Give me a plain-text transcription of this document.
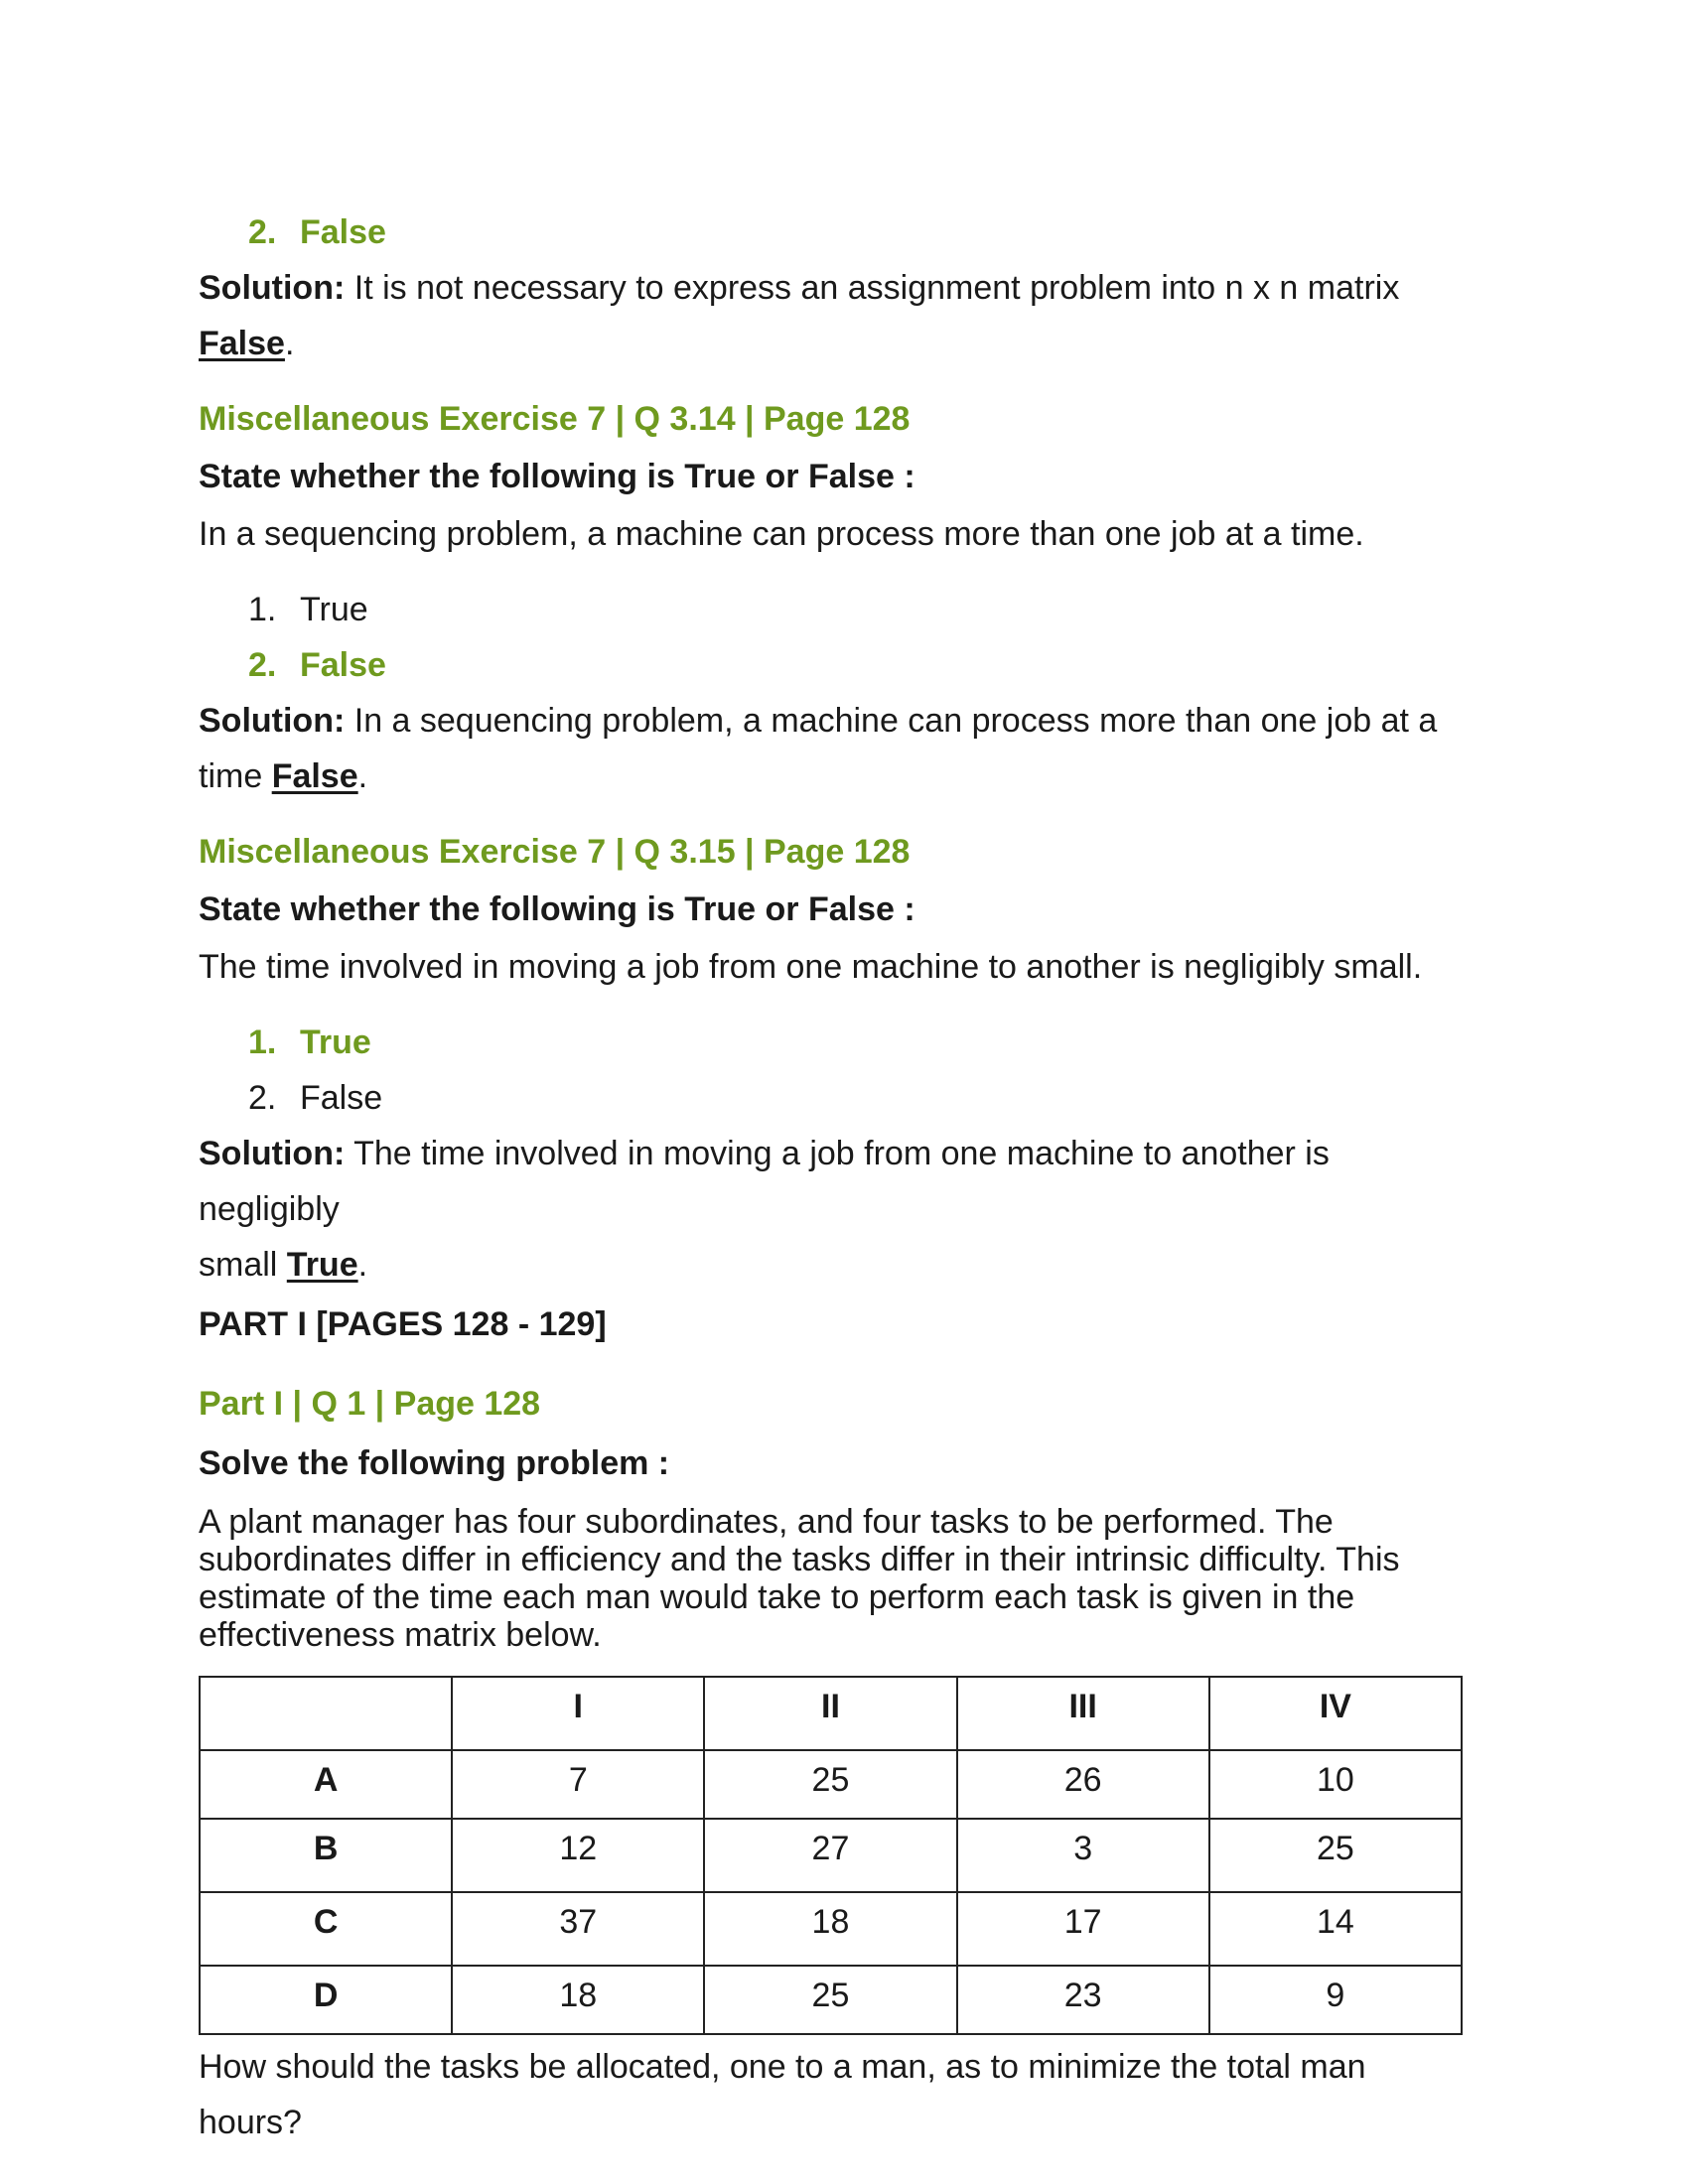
2. False
Solution: It is not necessary to express an assignment problem into n x n matrix False.
Miscellaneous Exercise 7 | Q 3.14 | Page 128
State whether the following is True or False :
In a sequencing problem, a machine can process more than one job at a time.
1. True
2. False
Solution: In a sequencing problem, a machine can process more than one job at a
time False.
Miscellaneous Exercise 7 | Q 3.15 | Page 128
State whether the following is True or False :
The time involved in moving a job from one machine to another is negligibly small.
1. True
2. False
Solution: The time involved in moving a job from one machine to another is negligibly
small True.
PART I [PAGES 128 - 129]
Part I | Q 1 | Page 128
Solve the following problem :
A plant manager has four subordinates, and four tasks to be performed. The
subordinates differ in efficiency and the tasks differ in their intrinsic difficulty. This
estimate of the time each man would take to perform each task is given in the
effectiveness matrix below.
	I	II	III	IV
A	7	25	26	10
B	12	27	3	25
C	37	18	17	14
D	18	25	23	9
How should the tasks be allocated, one to a man, as to minimize the total man hours?
